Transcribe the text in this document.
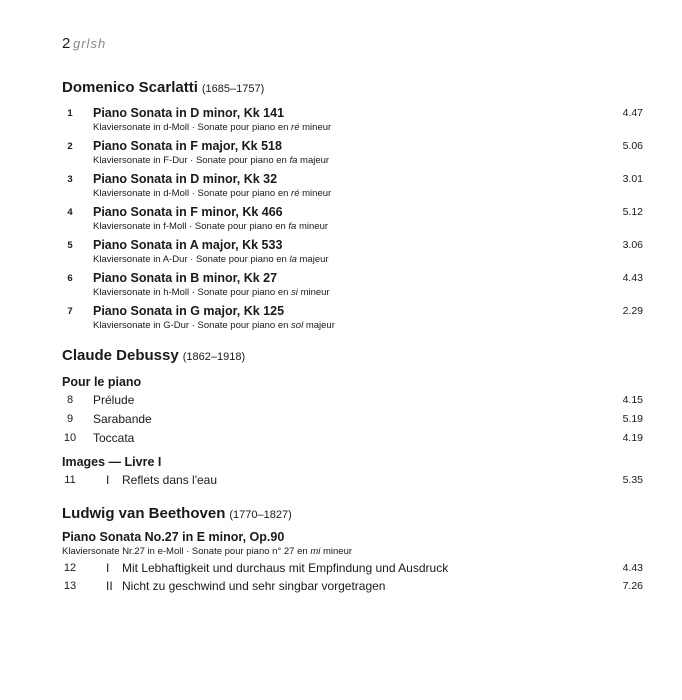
2 grlsh
Domenico Scarlatti (1685–1757)
1 Piano Sonata in D minor, Kk 141
Klaviersonate in d-Moll · Sonate pour piano en ré mineur
4.47
2 Piano Sonata in F major, Kk 518
Klaviersonate in F-Dur · Sonate pour piano en fa majeur
5.06
3 Piano Sonata in D minor, Kk 32
Klaviersonate in d-Moll · Sonate pour piano en ré mineur
3.01
4 Piano Sonata in F minor, Kk 466
Klaviersonate in f-Moll · Sonate pour piano en fa mineur
5.12
5 Piano Sonata in A major, Kk 533
Klaviersonate in A-Dur · Sonate pour piano en la majeur
3.06
6 Piano Sonata in B minor, Kk 27
Klaviersonate in h-Moll · Sonate pour piano en si mineur
4.43
7 Piano Sonata in G major, Kk 125
Klaviersonate in G-Dur · Sonate pour piano en sol majeur
2.29
Claude Debussy (1862–1918)
Pour le piano
8	Prélude	4.15
9	Sarabande	5.19
10 Toccata	4.19
Images — Livre I
11	I Reflets dans l'eau	5.35
Ludwig van Beethoven (1770–1827)
Piano Sonata No.27 in E minor, Op.90
Klaviersonate Nr.27 in e-Moll · Sonate pour piano n° 27 en mi mineur
12 I Mit Lebhaftigkeit und durchaus mit Empfindung und Ausdruck	4.43
13 II Nicht zu geschwind und sehr singbar vorgetragen	7.26
